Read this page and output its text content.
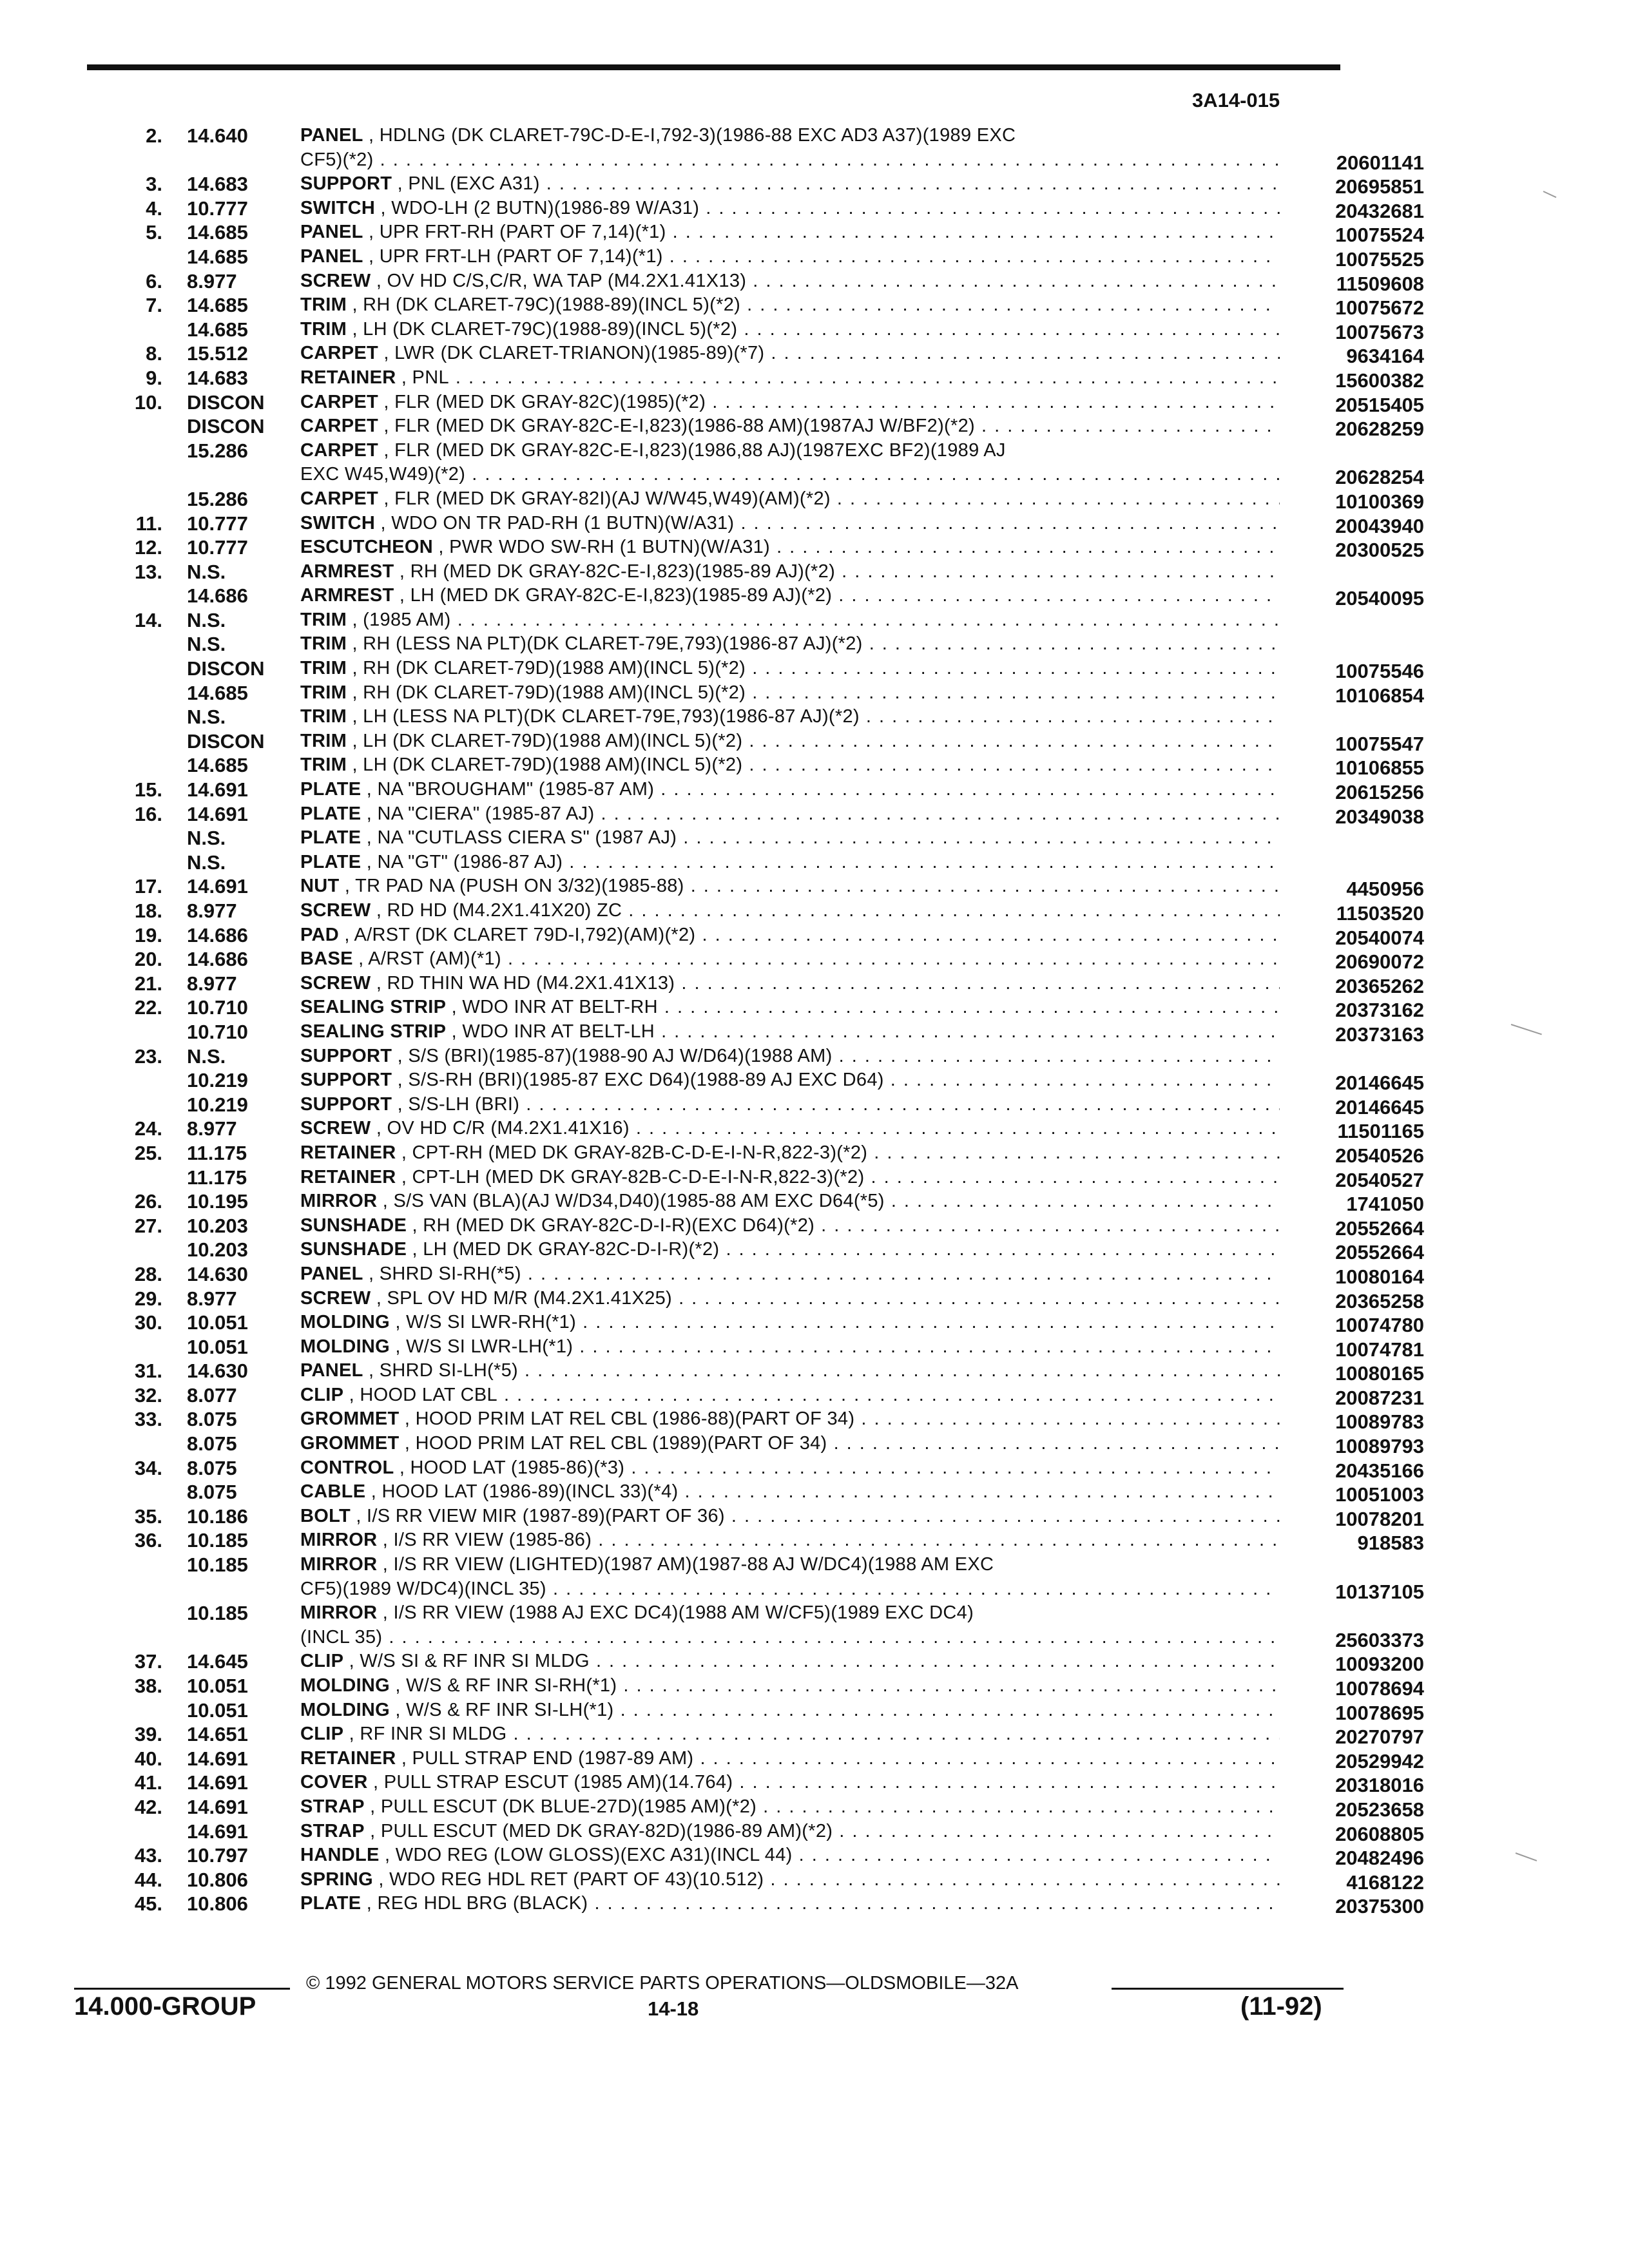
3A14-015
2. 14.640	PANEL , HDLNG (DK CLARET-79C-D-E-I,792-3)(1986-88 EXC AD3 A37)(1989 EXC
CF5)(*2) . . .	20601141
3. 14.683	SUPPORT , PNL (EXC A31) . . .	20695851
4. 10.777	SWITCH , WDO-LH (2 BUTN)(1986-89 W/A31) . . .	20432681
5. 14.685	PANEL , UPR FRT-RH (PART OF 7,14)(*1) . . .	10075524
14.685	PANEL , UPR FRT-LH (PART OF 7,14)(*1) . . .	10075525
6. 8.977	SCREW , OV HD C/S,C/R, WA TAP (M4.2X1.41X13) . . .	11509608
7. 14.685	TRIM , RH (DK CLARET-79C)(1988-89)(INCL 5)(*2) . . .	10075672
14.685	TRIM , LH (DK CLARET-79C)(1988-89)(INCL 5)(*2) . . .	10075673
8. 15.512	CARPET , LWR (DK CLARET-TRIANON)(1985-89)(*7) . . .	9634164
9. 14.683	RETAINER , PNL . . .	15600382
10. DISCON	CARPET , FLR (MED DK GRAY-82C)(1985)(*2) . . .	20515405
DISCON	CARPET , FLR (MED DK GRAY-82C-E-I,823)(1986-88 AM)(1987AJ W/BF2)(*2) . . .	20628259
15.286	CARPET , FLR (MED DK GRAY-82C-E-I,823)(1986,88 AJ)(1987EXC BF2)(1989 AJ
EXC W45,W49)(*2) . . .	20628254
15.286	CARPET , FLR (MED DK GRAY-82I)(AJ W/W45,W49)(AM)(*2) . . .	10100369
11. 10.777	SWITCH , WDO ON TR PAD-RH (1 BUTN)(W/A31) . . .	20043940
12. 10.777	ESCUTCHEON , PWR WDO SW-RH (1 BUTN)(W/A31) . . .	20300525
13. N.S.	ARMREST , RH (MED DK GRAY-82C-E-I,823)(1985-89 AJ)(*2) . . .
14.686	ARMREST , LH (MED DK GRAY-82C-E-I,823)(1985-89 AJ)(*2) . . .	20540095
14. N.S.	TRIM , (1985 AM) . . .
N.S.	TRIM , RH (LESS NA PLT)(DK CLARET-79E,793)(1986-87 AJ)(*2) . . .
DISCON	TRIM , RH (DK CLARET-79D)(1988 AM)(INCL 5)(*2) . . .	10075546
14.685	TRIM , RH (DK CLARET-79D)(1988 AM)(INCL 5)(*2) . . .	10106854
N.S.	TRIM , LH (LESS NA PLT)(DK CLARET-79E,793)(1986-87 AJ)(*2) . . .
DISCON	TRIM , LH (DK CLARET-79D)(1988 AM)(INCL 5)(*2) . . .	10075547
14.685	TRIM , LH (DK CLARET-79D)(1988 AM)(INCL 5)(*2) . . .	10106855
15. 14.691	PLATE , NA "BROUGHAM" (1985-87 AM) . . .	20615256
16. 14.691	PLATE , NA "CIERA" (1985-87 AJ) . . .	20349038
N.S.	PLATE , NA "CUTLASS CIERA S" (1987 AJ) . . .
N.S.	PLATE , NA "GT" (1986-87 AJ) . . .
17. 14.691	NUT , TR PAD NA (PUSH ON 3/32)(1985-88) . . .	4450956
18. 8.977	SCREW , RD HD (M4.2X1.41X20) ZC . . .	11503520
19. 14.686	PAD , A/RST (DK CLARET 79D-I,792)(AM)(*2) . . .	20540074
20. 14.686	BASE , A/RST (AM)(*1) . . .	20690072
21. 8.977	SCREW , RD THIN WA HD (M4.2X1.41X13) . . .	20365262
22. 10.710	SEALING STRIP , WDO INR AT BELT-RH . . .	20373162
10.710	SEALING STRIP , WDO INR AT BELT-LH . . .	20373163
23. N.S.	SUPPORT , S/S (BRI)(1985-87)(1988-90 AJ W/D64)(1988 AM) . . .
10.219	SUPPORT , S/S-RH (BRI)(1985-87 EXC D64)(1988-89 AJ EXC D64) . . .	20146645
10.219	SUPPORT , S/S-LH (BRI) . . .	20146645
24. 8.977	SCREW , OV HD C/R (M4.2X1.41X16) . . .	11501165
25. 11.175	RETAINER , CPT-RH (MED DK GRAY-82B-C-D-E-I-N-R,822-3)(*2) . . .	20540526
11.175	RETAINER , CPT-LH (MED DK GRAY-82B-C-D-E-I-N-R,822-3)(*2) . . .	20540527
26. 10.195	MIRROR , S/S VAN (BLA)(AJ W/D34,D40)(1985-88 AM EXC D64(*5) . . .	1741050
27. 10.203	SUNSHADE , RH (MED DK GRAY-82C-D-I-R)(EXC D64)(*2) . . .	20552664
10.203	SUNSHADE , LH (MED DK GRAY-82C-D-I-R)(*2) . . .	20552664
28. 14.630	PANEL , SHRD SI-RH(*5) . . .	10080164
29. 8.977	SCREW , SPL OV HD M/R (M4.2X1.41X25) . . .	20365258
30. 10.051	MOLDING , W/S SI LWR-RH(*1) . . .	10074780
10.051	MOLDING , W/S SI LWR-LH(*1) . . .	10074781
31. 14.630	PANEL , SHRD SI-LH(*5) . . .	10080165
32. 8.077	CLIP , HOOD LAT CBL . . .	20087231
33. 8.075	GROMMET , HOOD PRIM LAT REL CBL (1986-88)(PART OF 34) . . .	10089783
8.075	GROMMET , HOOD PRIM LAT REL CBL (1989)(PART OF 34) . . .	10089793
34. 8.075	CONTROL , HOOD LAT (1985-86)(*3) . . .	20435166
8.075	CABLE , HOOD LAT (1986-89)(INCL 33)(*4) . . .	10051003
35. 10.186	BOLT , I/S RR VIEW MIR (1987-89)(PART OF 36) . . .	10078201
36. 10.185	MIRROR , I/S RR VIEW (1985-86) . . .	918583
10.185	MIRROR , I/S RR VIEW (LIGHTED)(1987 AM)(1987-88 AJ W/DC4)(1988 AM EXC
CF5)(1989 W/DC4)(INCL 35) . . .	10137105
10.185	MIRROR , I/S RR VIEW (1988 AJ EXC DC4)(1988 AM W/CF5)(1989 EXC DC4)
(INCL 35) . . .	25603373
37. 14.645	CLIP , W/S SI & RF INR SI MLDG . . .	10093200
38. 10.051	MOLDING , W/S & RF INR SI-RH(*1) . . .	10078694
10.051	MOLDING , W/S & RF INR SI-LH(*1) . . .	10078695
39. 14.651	CLIP , RF INR SI MLDG . . .	20270797
40. 14.691	RETAINER , PULL STRAP END (1987-89 AM) . . .	20529942
41. 14.691	COVER , PULL STRAP ESCUT (1985 AM)(14.764) . . .	20318016
42. 14.691	STRAP , PULL ESCUT (DK BLUE-27D)(1985 AM)(*2) . . .	20523658
14.691	STRAP , PULL ESCUT (MED DK GRAY-82D)(1986-89 AM)(*2) . . .	20608805
43. 10.797	HANDLE , WDO REG (LOW GLOSS)(EXC A31)(INCL 44) . . .	20482496
44. 10.806	SPRING , WDO REG HDL RET (PART OF 43)(10.512) . . .	4168122
45. 10.806	PLATE , REG HDL BRG (BLACK) . . .	20375300
© 1992 GENERAL MOTORS SERVICE PARTS OPERATIONS—OLDSMOBILE—32A
14.000-GROUP	14-18	(11-92)
